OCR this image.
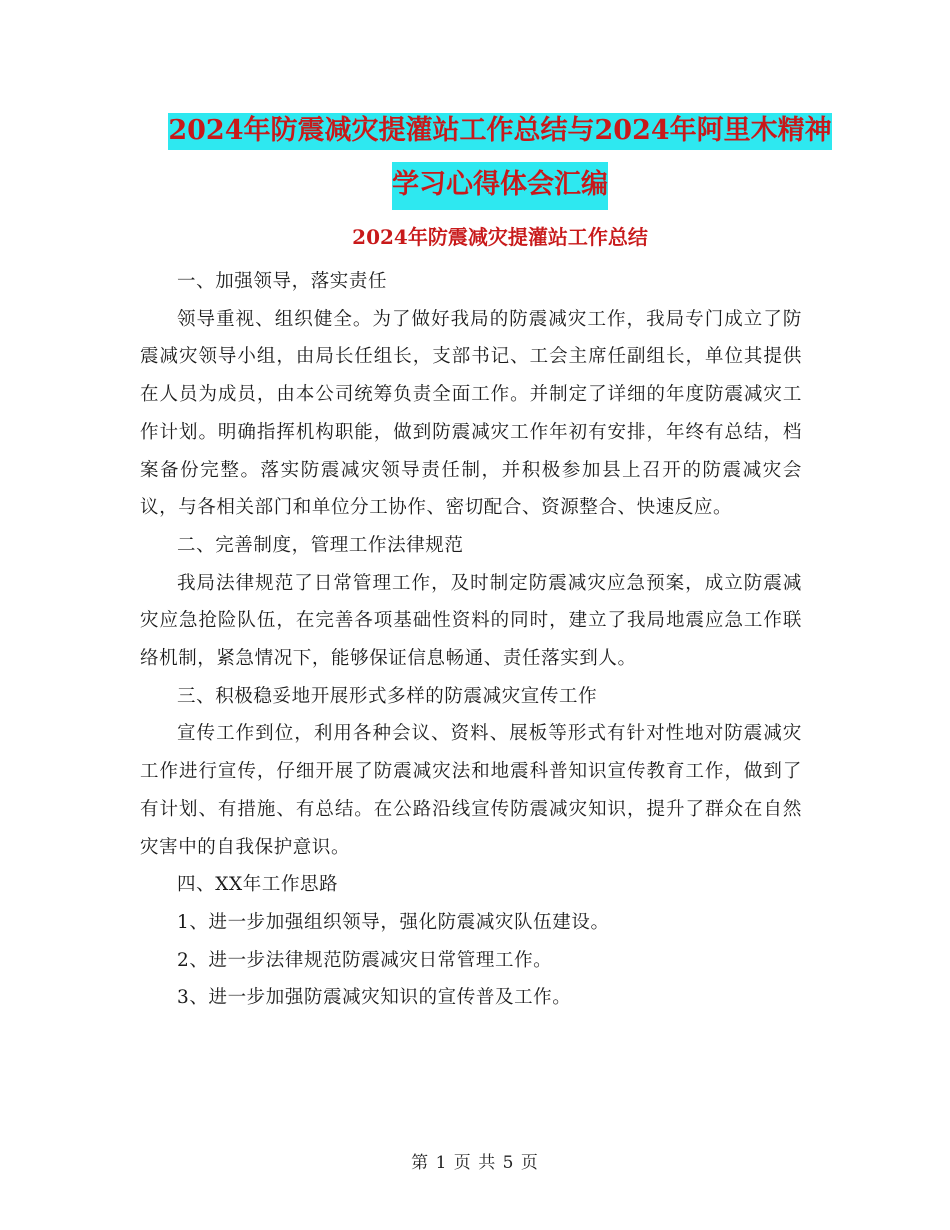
2024年防震减灾提灌站工作总结与2024年阿里木精神
学习心得体会汇编
2024年防震减灾提灌站工作总结

一、加强领导，落实责任

领导重视、组织健全。为了做好我局的防震减灾工作，我局专门成立了防震减灾领导小组，由局长任组长，支部书记、工会主席任副组长，单位其提供在人员为成员，由本公司统筹负责全面工作。并制定了详细的年度防震减灾工作计划。明确指挥机构职能，做到防震减灾工作年初有安排，年终有总结，档案备份完整。落实防震减灾领导责任制，并积极参加县上召开的防震减灾会议，与各相关部门和单位分工协作、密切配合、资源整合、快速反应。

二、完善制度，管理工作法律规范

我局法律规范了日常管理工作，及时制定防震减灾应急预案，成立防震减灾应急抢险队伍，在完善各项基础性资料的同时，建立了我局地震应急工作联络机制，紧急情况下，能够保证信息畅通、责任落实到人。

三、积极稳妥地开展形式多样的防震减灾宣传工作

宣传工作到位，利用各种会议、资料、展板等形式有针对性地对防震减灾工作进行宣传，仔细开展了防震减灾法和地震科普知识宣传教育工作，做到了有计划、有措施、有总结。在公路沿线宣传防震减灾知识，提升了群众在自然灾害中的自我保护意识。

四、XX年工作思路

1、进一步加强组织领导，强化防震减灾队伍建设。

2、进一步法律规范防震减灾日常管理工作。

3、进一步加强防震减灾知识的宣传普及工作。

第 1 页 共 5 页
